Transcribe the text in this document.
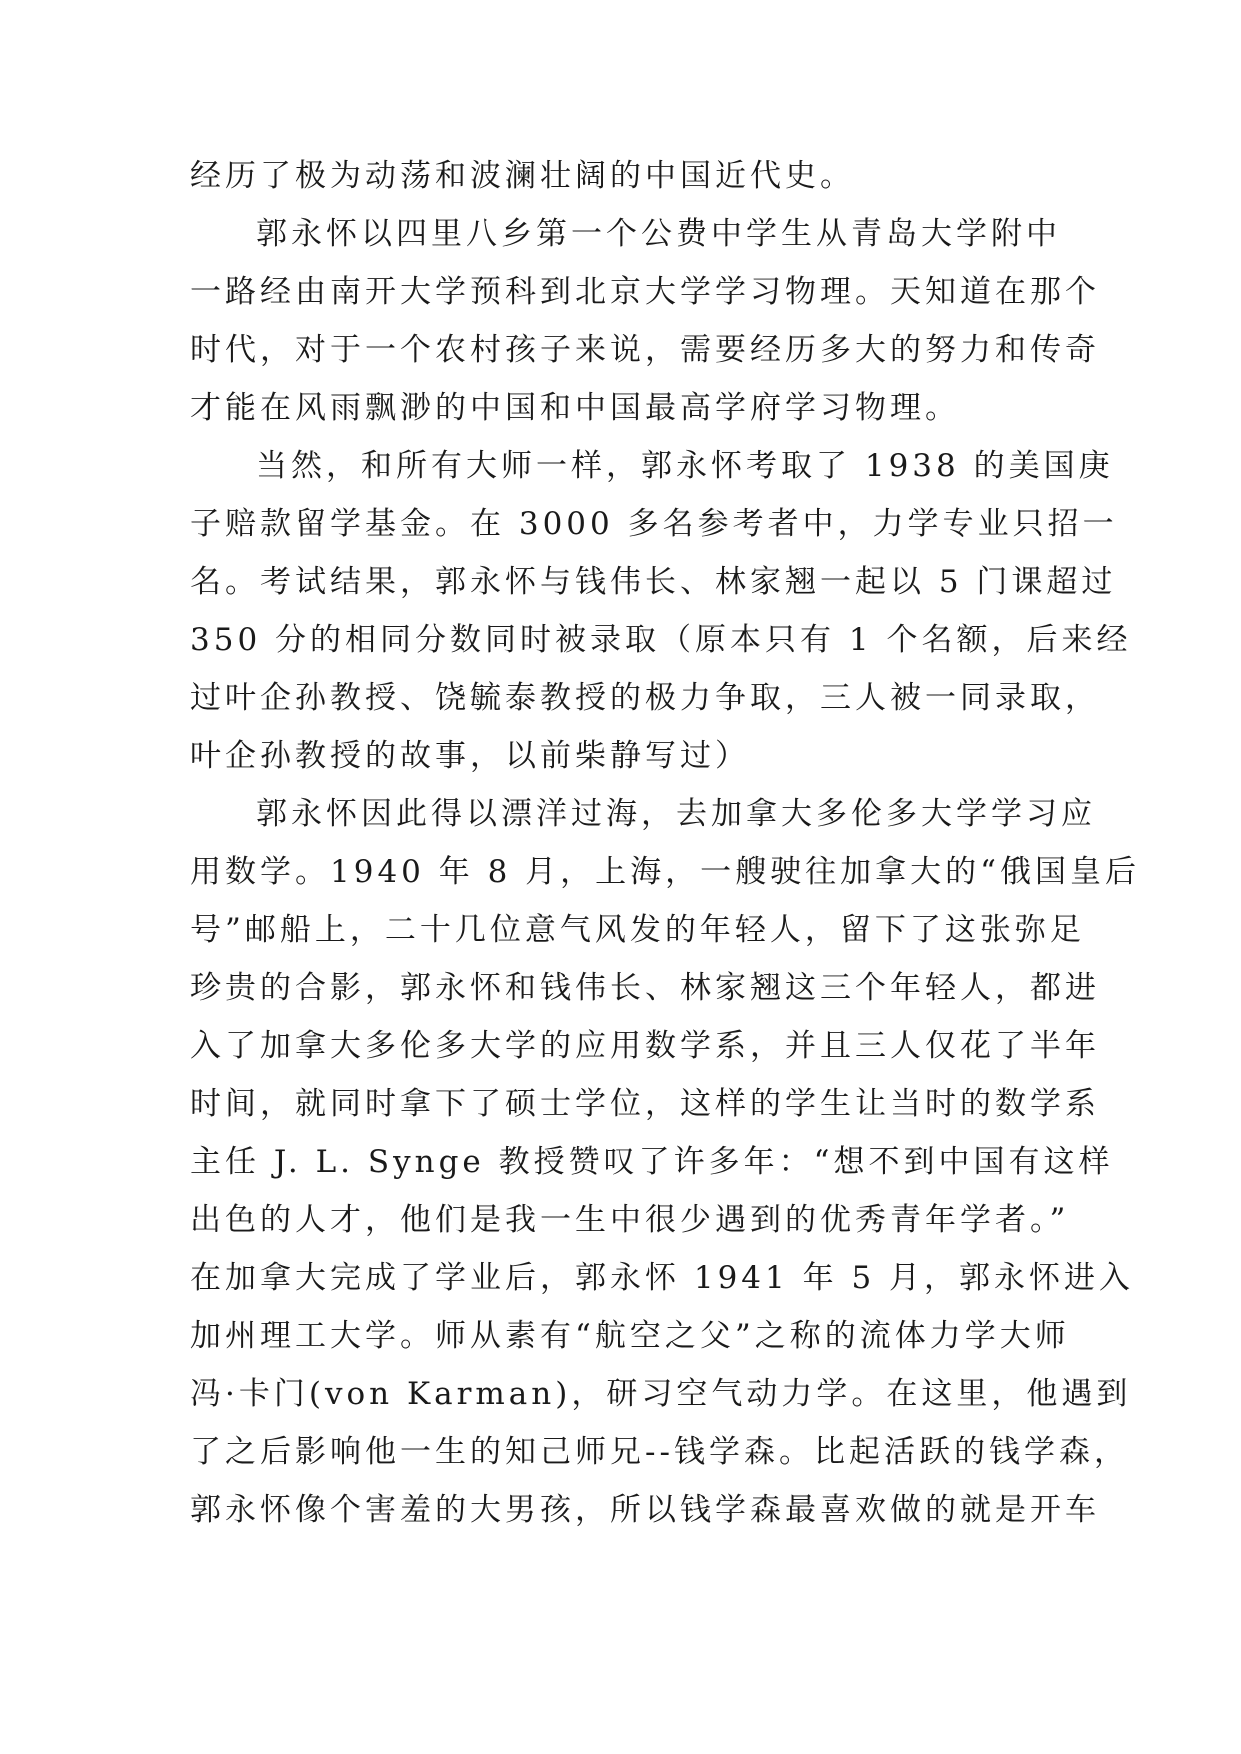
经历了极为动荡和波澜壮阔的中国近代史。
郭永怀以四里八乡第一个公费中学生从青岛大学附中
一路经由南开大学预科到北京大学学习物理。天知道在那个
时代，对于一个农村孩子来说，需要经历多大的努力和传奇
才能在风雨飘渺的中国和中国最高学府学习物理。
当然，和所有大师一样，郭永怀考取了 1938 的美国庚
子赔款留学基金。在 3000 多名参考者中，力学专业只招一
名。考试结果，郭永怀与钱伟长、林家翘一起以 5 门课超过
350 分的相同分数同时被录取（原本只有 1 个名额，后来经
过叶企孙教授、饶毓泰教授的极力争取，三人被一同录取，
叶企孙教授的故事，以前柴静写过）
郭永怀因此得以漂洋过海，去加拿大多伦多大学学习应
用数学。1940 年 8 月，上海，一艘驶往加拿大的“俄国皇后
号”邮船上，二十几位意气风发的年轻人，留下了这张弥足
珍贵的合影，郭永怀和钱伟长、林家翘这三个年轻人，都进
入了加拿大多伦多大学的应用数学系，并且三人仅花了半年
时间，就同时拿下了硕士学位，这样的学生让当时的数学系
主任 J. L. Synge 教授赞叹了许多年：“想不到中国有这样
出色的人才，他们是我一生中很少遇到的优秀青年学者。”
在加拿大完成了学业后，郭永怀 1941 年 5 月，郭永怀进入
加州理工大学。师从素有“航空之父”之称的流体力学大师
冯·卡门(von Karman)，研习空气动力学。在这里，他遇到
了之后影响他一生的知己师兄--钱学森。比起活跃的钱学森，
郭永怀像个害羞的大男孩，所以钱学森最喜欢做的就是开车
